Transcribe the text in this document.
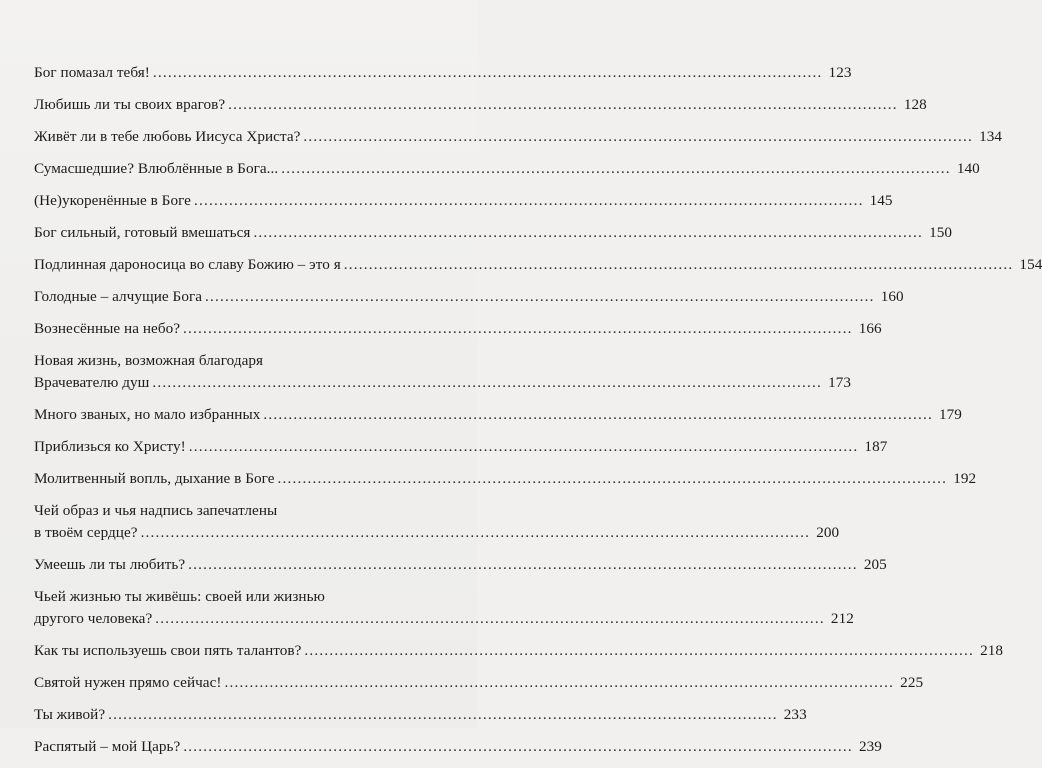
Бог помазал тебя! .....	123
Любишь ли ты своих врагов? .....	128
Живёт ли в тебе любовь Иисуса Христа? .....	134
Сумасшедшие? Влюблённые в Бога... .....	140
(Не)укоренённые в Боге .....	145
Бог сильный, готовый вмешаться .....	150
Подлинная дароносица во славу Божию – это я .....	154
Голодные – алчущие Бога .....	160
Вознесённые на небо? .....	166
Новая жизнь, возможная благодаря
Врачевателю душ .....	173
Много званых, но мало избранных .....	179
Приблизься ко Христу! .....	187
Молитвенный вопль, дыхание в Боге .....	192
Чей образ и чья надпись запечатлены
в твоём сердце? .....	200
Умеешь ли ты любить? .....	205
Чьей жизнью ты живёшь: своей или жизнью
другого человека? .....	212
Как ты используешь свои пять талантов? .....	218
Святой нужен прямо сейчас! .....	225
Ты живой? .....	233
Распятый – мой Царь? .....	239
